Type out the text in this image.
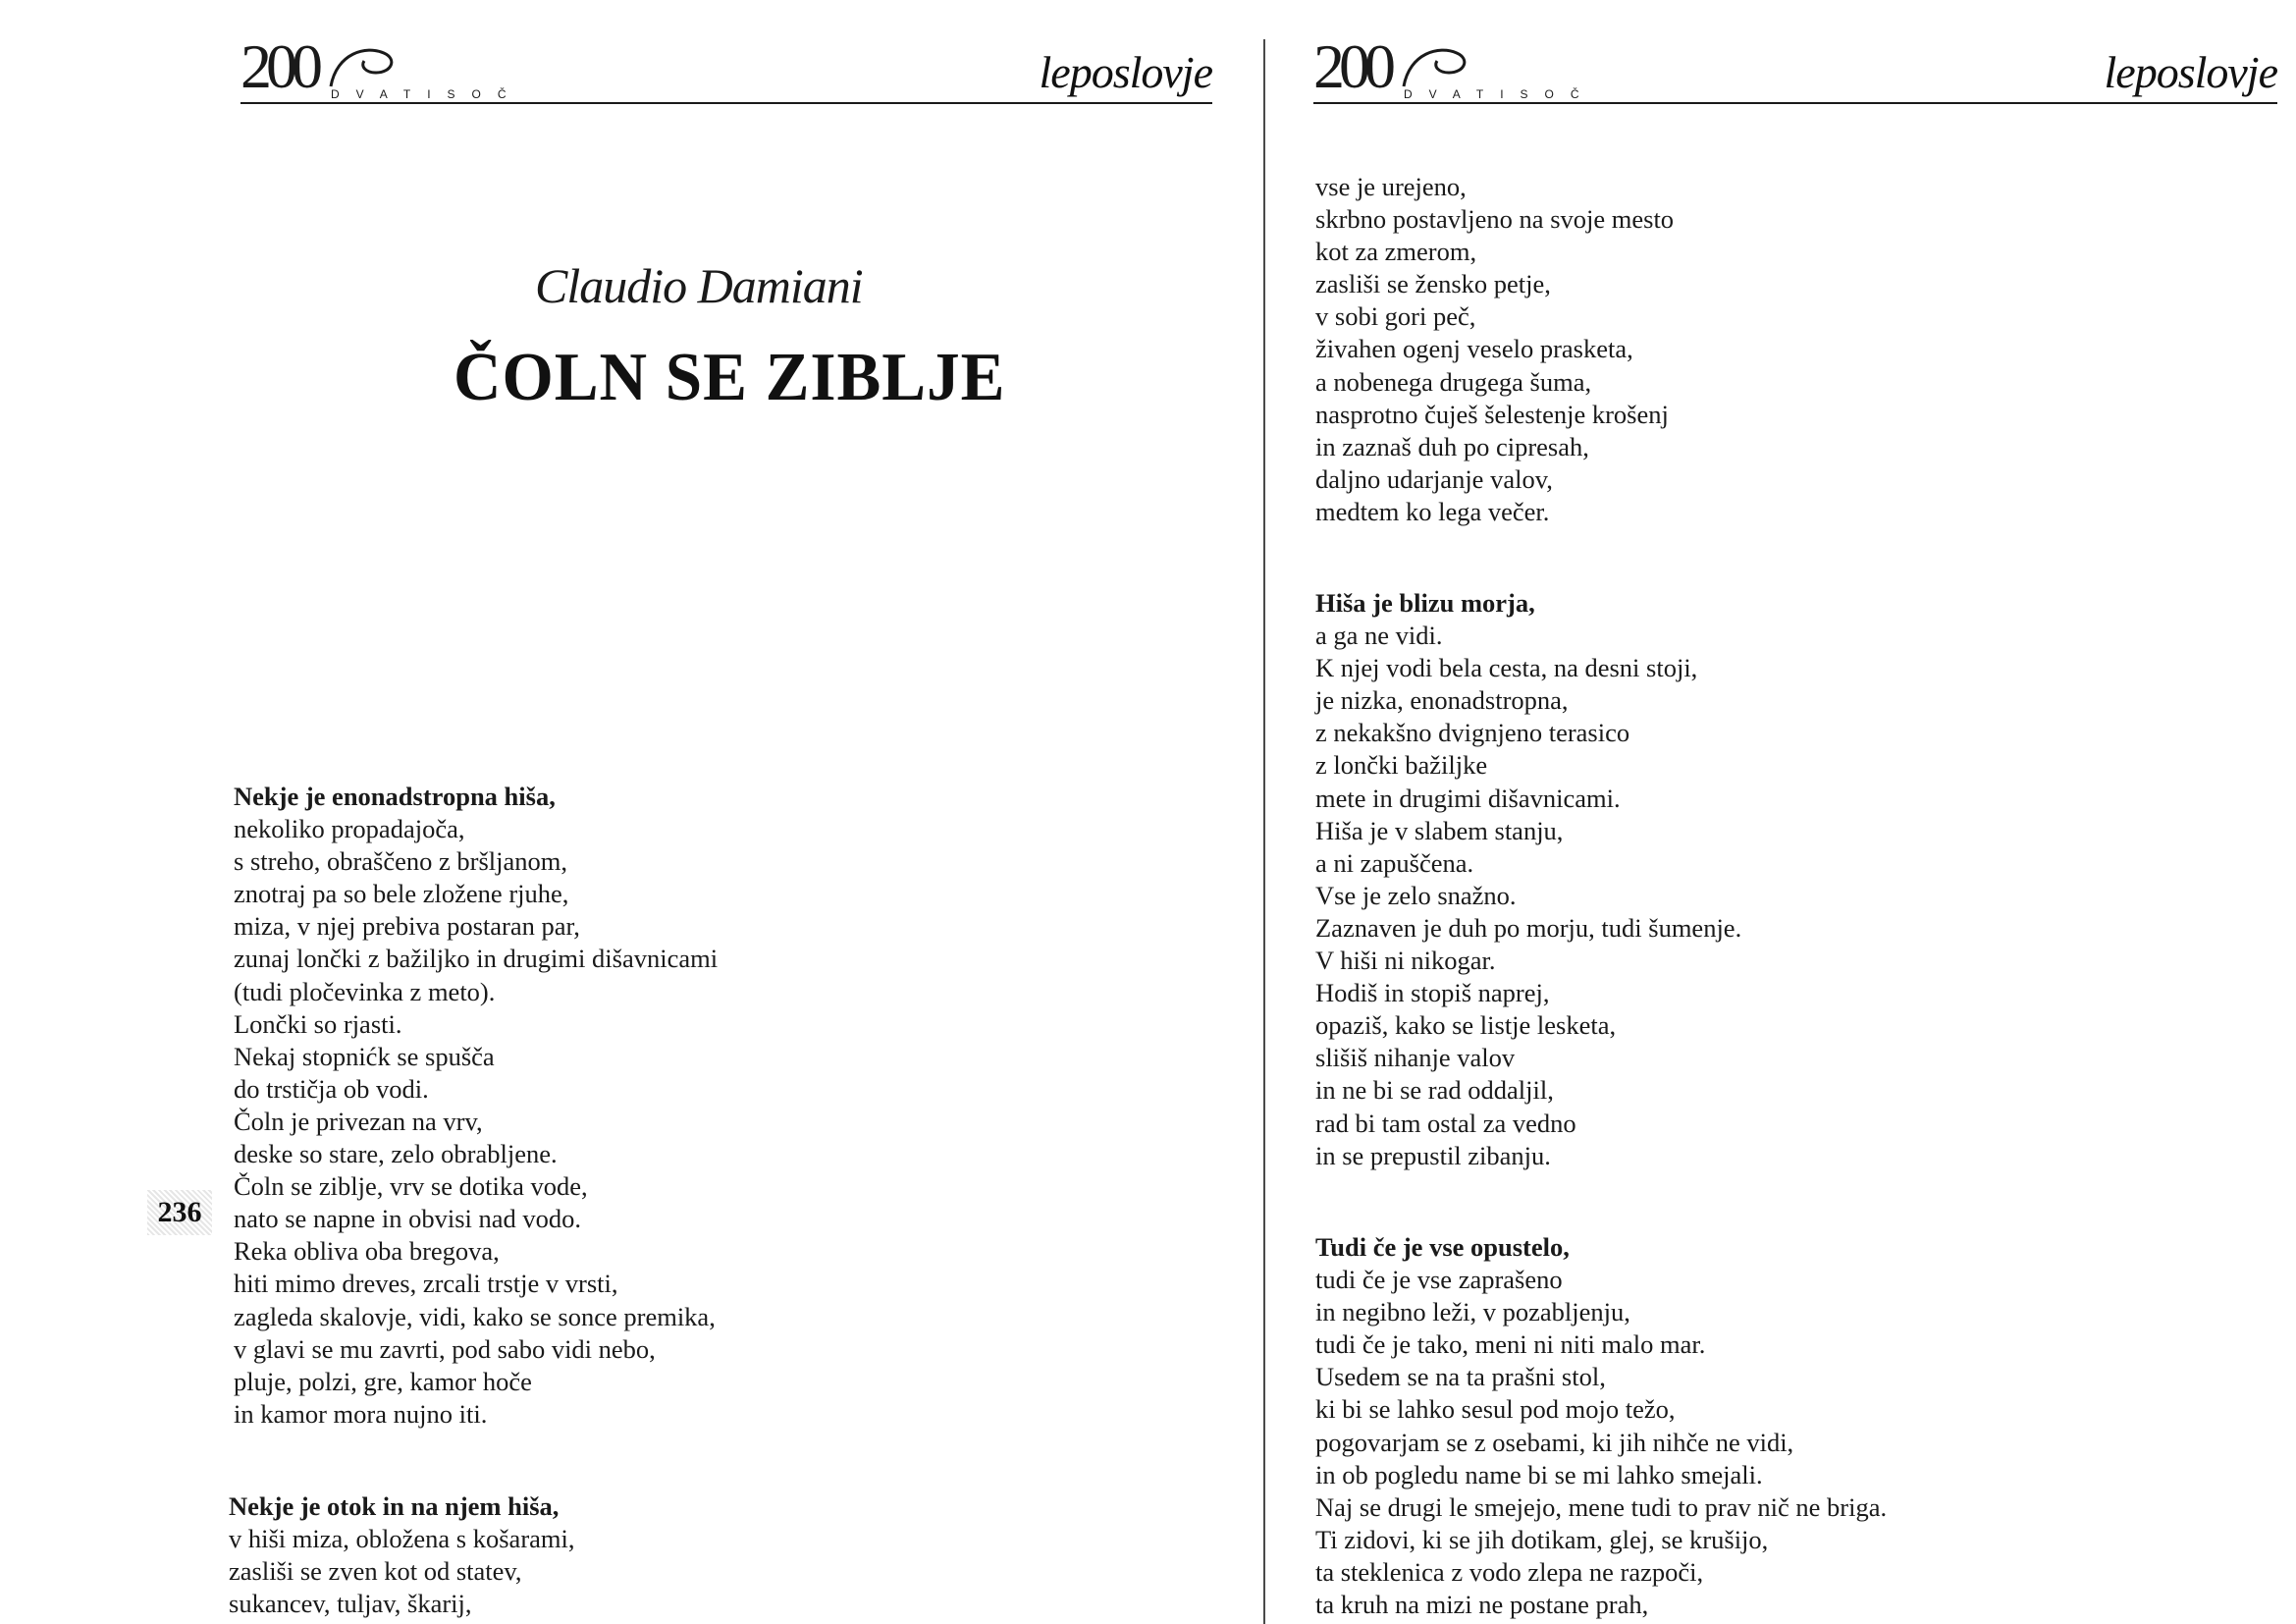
200 DVATISOČ	leposlovje
Claudio Damiani
ČOLN SE ZIBLJE
Nekje je enonadstropna hiša,
nekoliko propadajoča,
s streho, obraščeno z bršljanom,
znotraj pa so bele zložene rjuhe,
miza, v njej prebiva postaran par,
zunaj lončki z bažiljko in drugimi dišavnicami
(tudi pločevinka z meto).
Lončki so rjasti.
Nekaj stopnićk se spušča
do trstičja ob vodi.
Čoln je privezan na vrv,
deske so stare, zelo obrabljene.
Čoln se ziblje, vrv se dotika vode,
nato se napne in obvisi nad vodo.
Reka obliva oba bregova,
hiti mimo dreves, zrcali trstje v vrsti,
zagleda skalovje, vidi, kako se sonce premika,
v glavi se mu zavrti, pod sabo vidi nebo,
pluje, polzi, gre, kamor hoče
in kamor mora nujno iti.
Nekje je otok in na njem hiša,
v hiši miza, obložena s košarami,
zasliši se zven kot od statev,
sukancev, tuljav, škarij,
236
200 DVATISOČ	leposlovje
vse je urejeno,
skrbno postavljeno na svoje mesto
kot za zmerom,
zasliši se žensko petje,
v sobi gori peč,
živahen ogenj veselo prasketa,
a nobenega drugega šuma,
nasprotno čuješ šelestenje krošenj
in zaznaš duh po cipresah,
daljno udarjanje valov,
medtem ko lega večer.
Hiša je blizu morja,
a ga ne vidi.
K njej vodi bela cesta, na desni stoji,
je nizka, enonadstropna,
z nekakšno dvignjeno terasico
z lončki bažiljke
mete in drugimi dišavnicami.
Hiša je v slabem stanju,
a ni zapuščena.
Vse je zelo snažno.
Zaznaven je duh po morju, tudi šumenje.
V hiši ni nikogar.
Hodiš in stopiš naprej,
opaziš, kako se listje lesketa,
slišiš nihanje valov
in ne bi se rad oddaljil,
rad bi tam ostal za vedno
in se prepustil zibanju.
Tudi če je vse opustelo,
tudi če je vse zaprašeno
in negibno leži, v pozabljenju,
tudi če je tako, meni ni niti malo mar.
Usedem se na ta prašni stol,
ki bi se lahko sesul pod mojo težo,
pogovarjam se z osebami, ki jih nihče ne vidi,
in ob pogledu name bi se mi lahko smejali.
Naj se drugi le smejejo, mene tudi to prav nič ne briga.
Ti zidovi, ki se jih dotikam, glej, se krušijo,
ta steklenica z vodo zlepa ne razpoči,
ta kruh na mizi ne postane prah,
